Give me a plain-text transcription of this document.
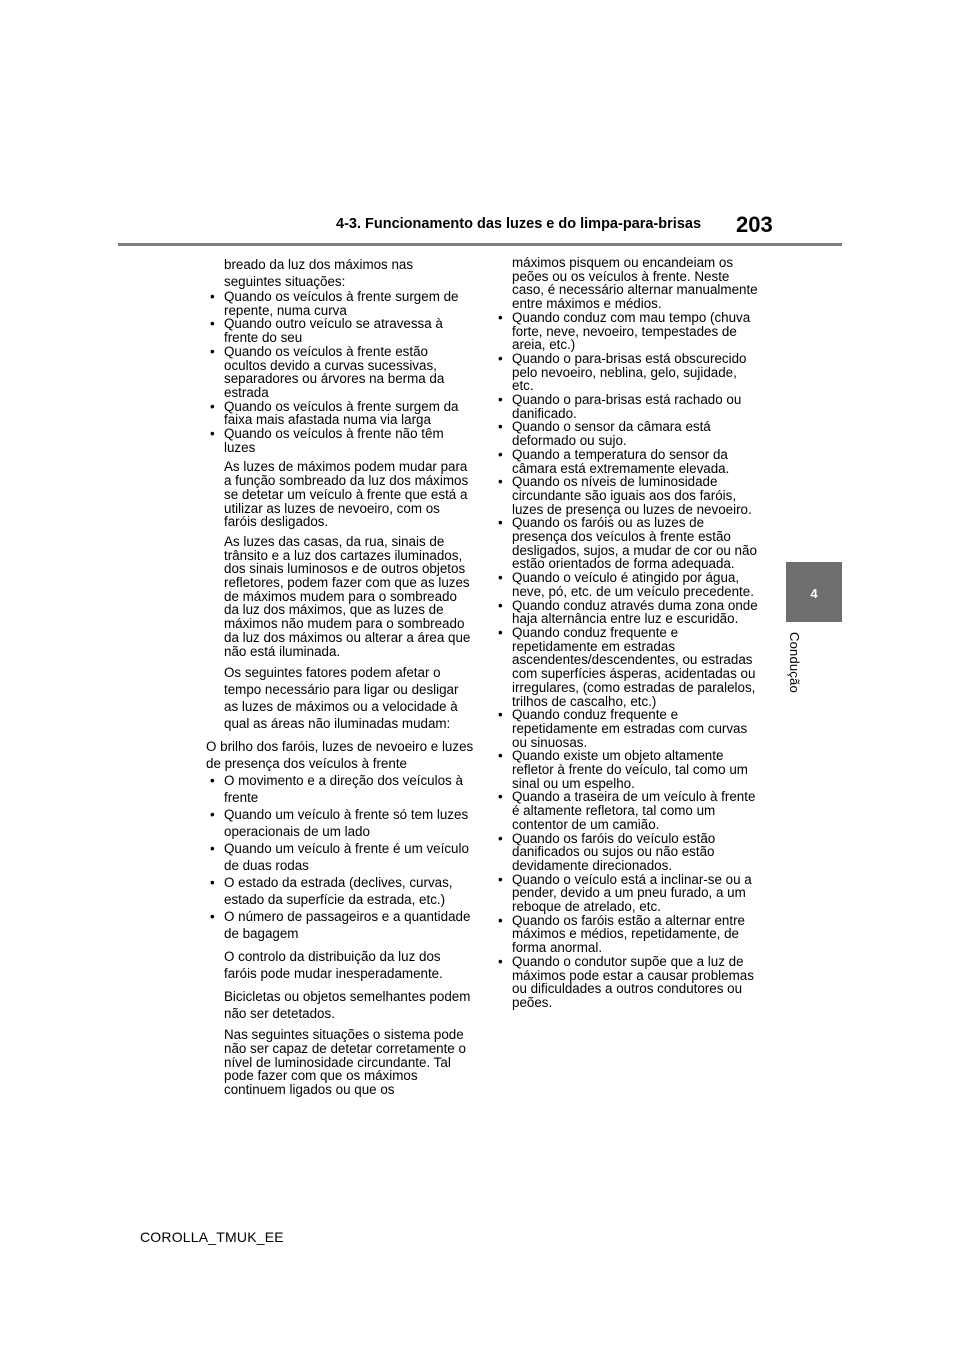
4-3. Funcionamento das luzes e do limpa-para-brisas 203
4
Condução

breado da luz dos máximos nas
seguintes situações:

• Quando os veículos à frente surgem de repente, numa curva
• Quando outro veículo se atravessa à frente do seu
• Quando os veículos à frente estão ocultos devido a curvas sucessivas, separadores ou árvores na berma da estrada
• Quando os veículos à frente surgem da faixa mais afastada numa via larga
• Quando os veículos à frente não têm luzes

As luzes de máximos podem mudar para a função sombreado da luz dos máximos se detetar um veículo à frente que está a utilizar as luzes de nevoeiro, com os faróis desligados.

As luzes das casas, da rua, sinais de trânsito e a luz dos cartazes iluminados, dos sinais luminosos e de outros objetos refletores, podem fazer com que as luzes de máximos mudem para o sombreado da luz dos máximos, que as luzes de máximos não mudem para o sombreado da luz dos máximos ou alterar a área que não está iluminada.

Os seguintes fatores podem afetar o tempo necessário para ligar ou desligar as luzes de máximos ou a velocidade à qual as áreas não iluminadas mudam:

O brilho dos faróis, luzes de nevoeiro e luzes de presença dos veículos à frente

• O movimento e a direção dos veículos à frente
• Quando um veículo à frente só tem luzes operacionais de um lado
• Quando um veículo à frente é um veículo de duas rodas
• O estado da estrada (declives, curvas, estado da superfície da estrada, etc.)
• O número de passageiros e a quantidade de bagagem

O controlo da distribuição da luz dos faróis pode mudar inesperadamente.

Bicicletas ou objetos semelhantes podem não ser detetados.

Nas seguintes situações o sistema pode não ser capaz de detetar corretamente o nível de luminosidade circundante. Tal pode fazer com que os máximos continuem ligados ou que os

máximos pisquem ou encandeiam os peões ou os veículos à frente. Neste caso, é necessário alternar manualmente entre máximos e médios.

• Quando conduz com mau tempo (chuva forte, neve, nevoeiro, tempestades de areia, etc.)
• Quando o para-brisas está obscurecido pelo nevoeiro, neblina, gelo, sujidade, etc.
• Quando o para-brisas está rachado ou danificado.
• Quando o sensor da câmara está deformado ou sujo.
• Quando a temperatura do sensor da câmara está extremamente elevada.
• Quando os níveis de luminosidade circundante são iguais aos dos faróis, luzes de presença ou luzes de nevoeiro.
• Quando os faróis ou as luzes de presença dos veículos à frente estão desligados, sujos, a mudar de cor ou não estão orientados de forma adequada.
• Quando o veículo é atingido por água, neve, pó, etc. de um veículo precedente.
• Quando conduz através duma zona onde haja alternância entre luz e escuridão.
• Quando conduz frequente e repetidamente em estradas ascendentes/descendentes, ou estradas com superfícies ásperas, acidentadas ou irregulares, (como estradas de paralelos, trilhos de cascalho, etc.)
• Quando conduz frequente e repetidamente em estradas com curvas ou sinuosas.
• Quando existe um objeto altamente refletor à frente do veículo, tal como um sinal ou um espelho.
• Quando a traseira de um veículo à frente é altamente refletora, tal como um contentor de um camião.
• Quando os faróis do veículo estão danificados ou sujos ou não estão devidamente direcionados.
• Quando o veículo está a inclinar-se ou a pender, devido a um pneu furado, a um reboque de atrelado, etc.
• Quando os faróis estão a alternar entre máximos e médios, repetidamente, de forma anormal.
• Quando o condutor supõe que a luz de máximos pode estar a causar problemas ou dificuldades a outros condutores ou peões.
COROLLA_TMUK_EE
